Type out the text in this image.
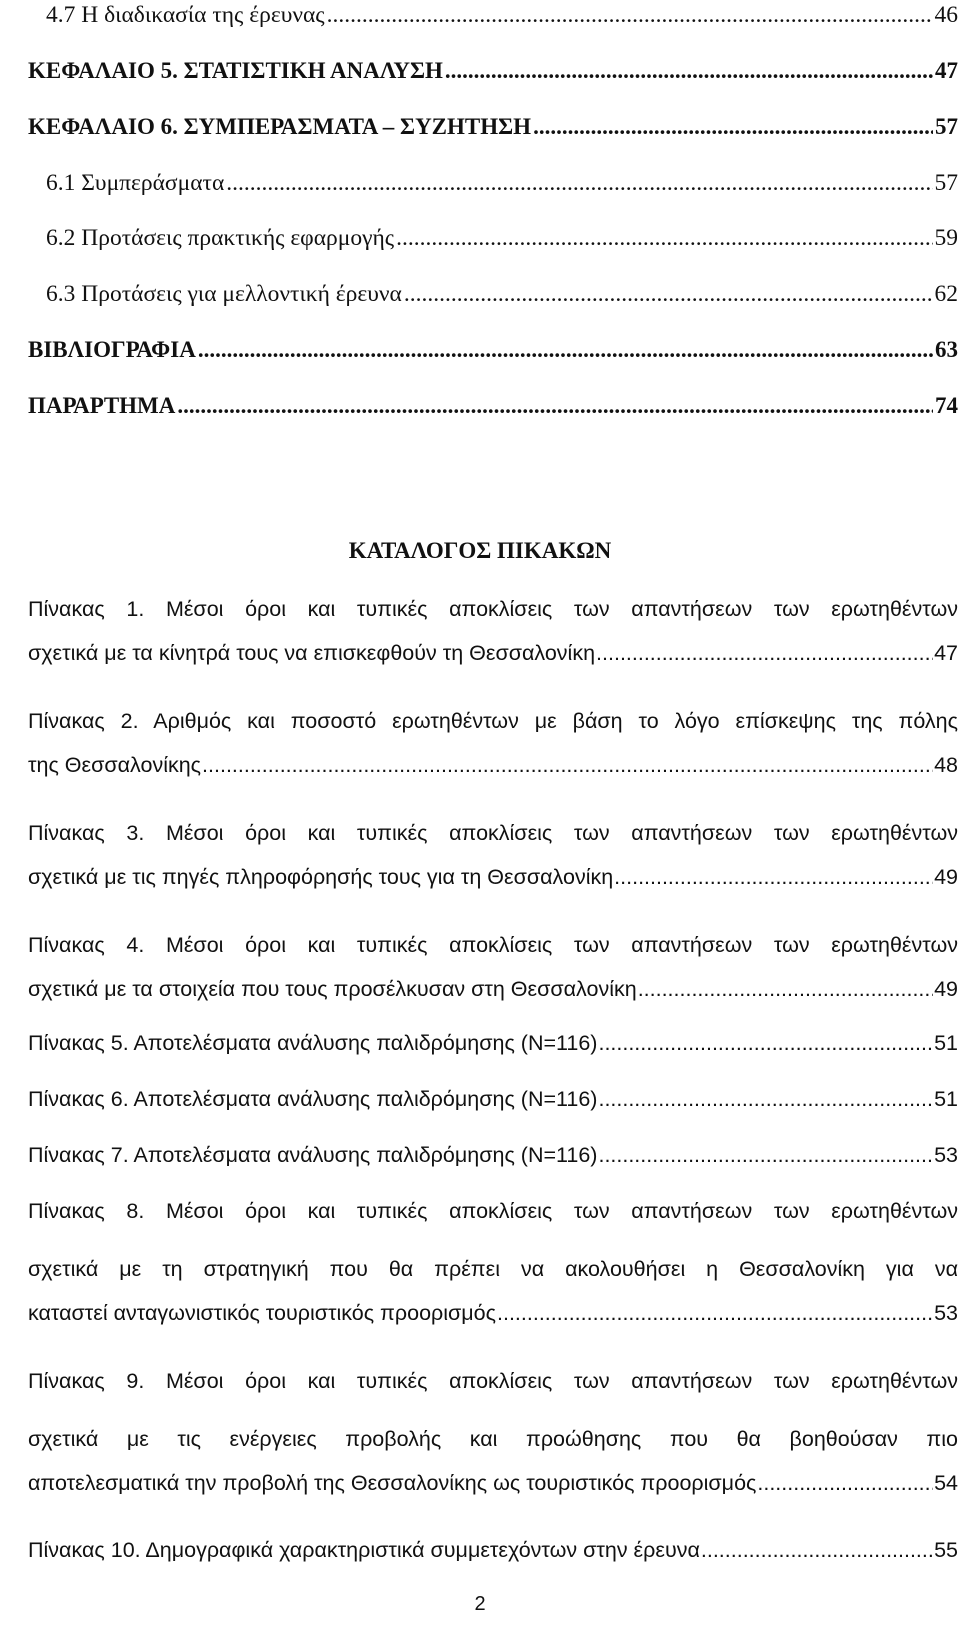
4.7 Η διαδικασία της έρευνας .....	46
ΚΕΦΑΛΑΙΟ 5. ΣΤΑΤΙΣΤΙΚΗ ΑΝΑΛΥΣΗ .....	47
ΚΕΦΑΛΑΙΟ 6. ΣΥΜΠΕΡΑΣΜΑΤΑ – ΣΥΖΗΤΗΣΗ .....	57
6.1 Συμπεράσματα .....	57
6.2 Προτάσεις πρακτικής εφαρμογής .....	59
6.3 Προτάσεις για μελλοντική έρευνα .....	62
ΒΙΒΛΙΟΓΡΑΦΙΑ .....	63
ΠΑΡΑΡΤΗΜΑ .....	74
ΚΑΤΑΛΟΓΟΣ ΠΙΚΑΚΩΝ
Πίνακας 1. Μέσοι όροι και τυπικές αποκλίσεις των απαντήσεων των ερωτηθέντων
σχετικά με τα κίνητρά τους να επισκεφθούν τη Θεσσαλονίκη .....	47
Πίνακας 2. Αριθμός και ποσοστό ερωτηθέντων με βάση το λόγο επίσκεψης της πόλης
της Θεσσαλονίκης .....	48
Πίνακας 3. Μέσοι όροι και τυπικές αποκλίσεις των απαντήσεων των ερωτηθέντων
σχετικά με τις πηγές πληροφόρησής τους για τη Θεσσαλονίκη .....	49
Πίνακας 4. Μέσοι όροι και τυπικές αποκλίσεις των απαντήσεων των ερωτηθέντων
σχετικά με τα στοιχεία που τους προσέλκυσαν στη Θεσσαλονίκη .....	49
Πίνακας 5. Αποτελέσματα ανάλυσης παλιδρόμησης (N=116) .....	51
Πίνακας 6. Αποτελέσματα ανάλυσης παλιδρόμησης (N=116) .....	51
Πίνακας 7. Αποτελέσματα ανάλυσης παλιδρόμησης (N=116) .....	53
Πίνακας 8. Μέσοι όροι και τυπικές αποκλίσεις των απαντήσεων των ερωτηθέντων
σχετικά με τη στρατηγική που θα πρέπει να ακολουθήσει η Θεσσαλονίκη για να
καταστεί ανταγωνιστικός τουριστικός προορισμός .....	53
Πίνακας 9. Μέσοι όροι και τυπικές αποκλίσεις των απαντήσεων των ερωτηθέντων
σχετικά με τις ενέργειες προβολής και προώθησης που θα βοηθούσαν πιο
αποτελεσματικά την προβολή της Θεσσαλονίκης ως τουριστικός προορισμός .....	54
Πίνακας 10. Δημογραφικά χαρακτηριστικά συμμετεχόντων στην έρευνα .....	55
2
